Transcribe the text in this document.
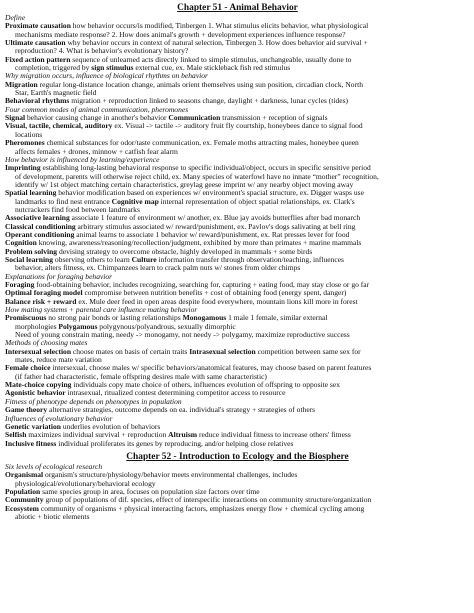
Chapter 51 - Animal Behavior
Define
Proximate causation how behavior occurs/is modified, Tinbergen 1. What stimulus elicits behavior, what physiological
mechanisms mediate response? 2. How does animal's growth + development experiences influence response?
Ultimate causation why behavior occurs in context of natural selection, Tinbergen 3. How does behavior aid survival +
reproduction? 4. What is behavior's evolutionary history?
Fixed action pattern sequence of unlearned acts directly linked to simple stimulus, unchangeable, usually done to
completion, triggered by sign stimulus external cue, ex. Male stickleback fish red stimulus
Why migration occurs, influence of biological rhythms on behavior
Migration regular long-distance location change, animals orient themselves using sun position, circadian clock, North
Star, Earth's magnetic field
Behavioral rhythms migration + reproduction linked to seasons change, daylight + darkness, lunar cycles (tides)
Four common modes of animal communication, pheromones
Signal behavior causing change in another's behavior Communication transmission + reception of signals
Visual, tactile, chemical, auditory ex. Visual -> tactile -> auditory fruit fly courtship, honeybees dance to signal food
locations
Pheromones chemical substances for odor/taste communication, ex. Female moths attracting males, honeybee queen
affects females + drones, minnow + catfish fear alarm
How behavior is influenced by learning/experience
Imprinting establishing long-lasting behavioral response to specific individual/object, occurs in specific sensitive period
of development, parents will otherwise reject child, ex. Many species of waterfowl have no innate “mother” recognition,
identify w/ 1st object matching certain characteristics, greylag geese imprint w/ any nearby object moving away
Spatial learning behavior modification based on experiences w/ environment's spacial structure, ex. Digger wasps use
landmarks to find nest entrance Cognitive map internal representation of object spatial relationships, ex. Clark's
nutcrackers find food between landmarks
Associative learning associate 1 feature of environment w/ another, ex. Blue jay avoids butterflies after bad monarch
Classical conditioning arbitrary stimulus associated w/ reward/punishment, ex. Pavlov's dogs salivating at bell ring
Operant conditioning animal learns to associate 1 behavior w/ reward/punishment, ex. Rat presses lever for food
Cognition knowing, awareness/reasoning/recollection/judgment, exhibited by more than primates + marine mammals
Problem solving devising strategy to overcome obstacle, highly developed in mammals + some birds
Social learning observing others to learn Culture information transfer through observation/teaching, influences
behavior, alters fitness, ex. Chimpanzees learn to crack palm nuts w/ stones from older chimps
Explanations for foraging behavior
Foraging food-obtaining behavior, includes recognizing, searching for, capturing + eating food, may stay close or go far
Optimal foraging model compromise between nutrition benefits + cost of obtaining food (energy spent, danger)
Balance risk + reward ex. Mule deer feed in open areas despite food everywhere, mountain lions kill more in forest
How mating systems + parental care influence mating behavior
Promiscuous no strong pair bonds or lasting relationships Monogamous 1 male 1 female, similar external
morphologies Polygamous polygynous/polyandrous, sexually dimorphic
Need of young constrain mating, needy -> monogamy, not needy -> polygamy, maximize reproductive success
Methods of choosing mates
Intersexual selection choose mates on basis of certain traits Intrasexual selection competition between same sex for
mates, reduce mate variation
Female choice intersexual, choose males w/ specific behaviors/anatomical features, may choose based on parent features
(if father had characteristic, female offspring desires male with same characteristic)
Mate-choice copying individuals copy mate choice of others, influences evolution of offspring to opposite sex
Agonistic behavior intrasexual, ritualized contest determining competitor access to resource
Fitness of phenotype depends on phenotypes in population
Game theory alternative strategies, outcome depends on ea. individual's strategy + strategies of others
Influences of evolutionary behavior
Genetic variation underlies evolution of behaviors
Selfish maximizes individual survival + reproduction Altruism reduce individual fitness to increase others' fitness
Inclusive fitness individual proliferates its genes by reproducing, and/or helping close relatives
Chapter 52 - Introduction to Ecology and the Biosphere
Six levels of ecological research
Organismal organism's structure/physiology/behavior meets environmental challenges, includes
physiological/evolutionary/behavioral ecology
Population same species group in area, focuses on population size factors over time
Community group of populations of dif. species, effect of interspecific interactions on community structure/organization
Ecosystem community of organisms + physical interacting factors, emphasizes energy flow + chemical cycling among
abiotic + biotic elements
